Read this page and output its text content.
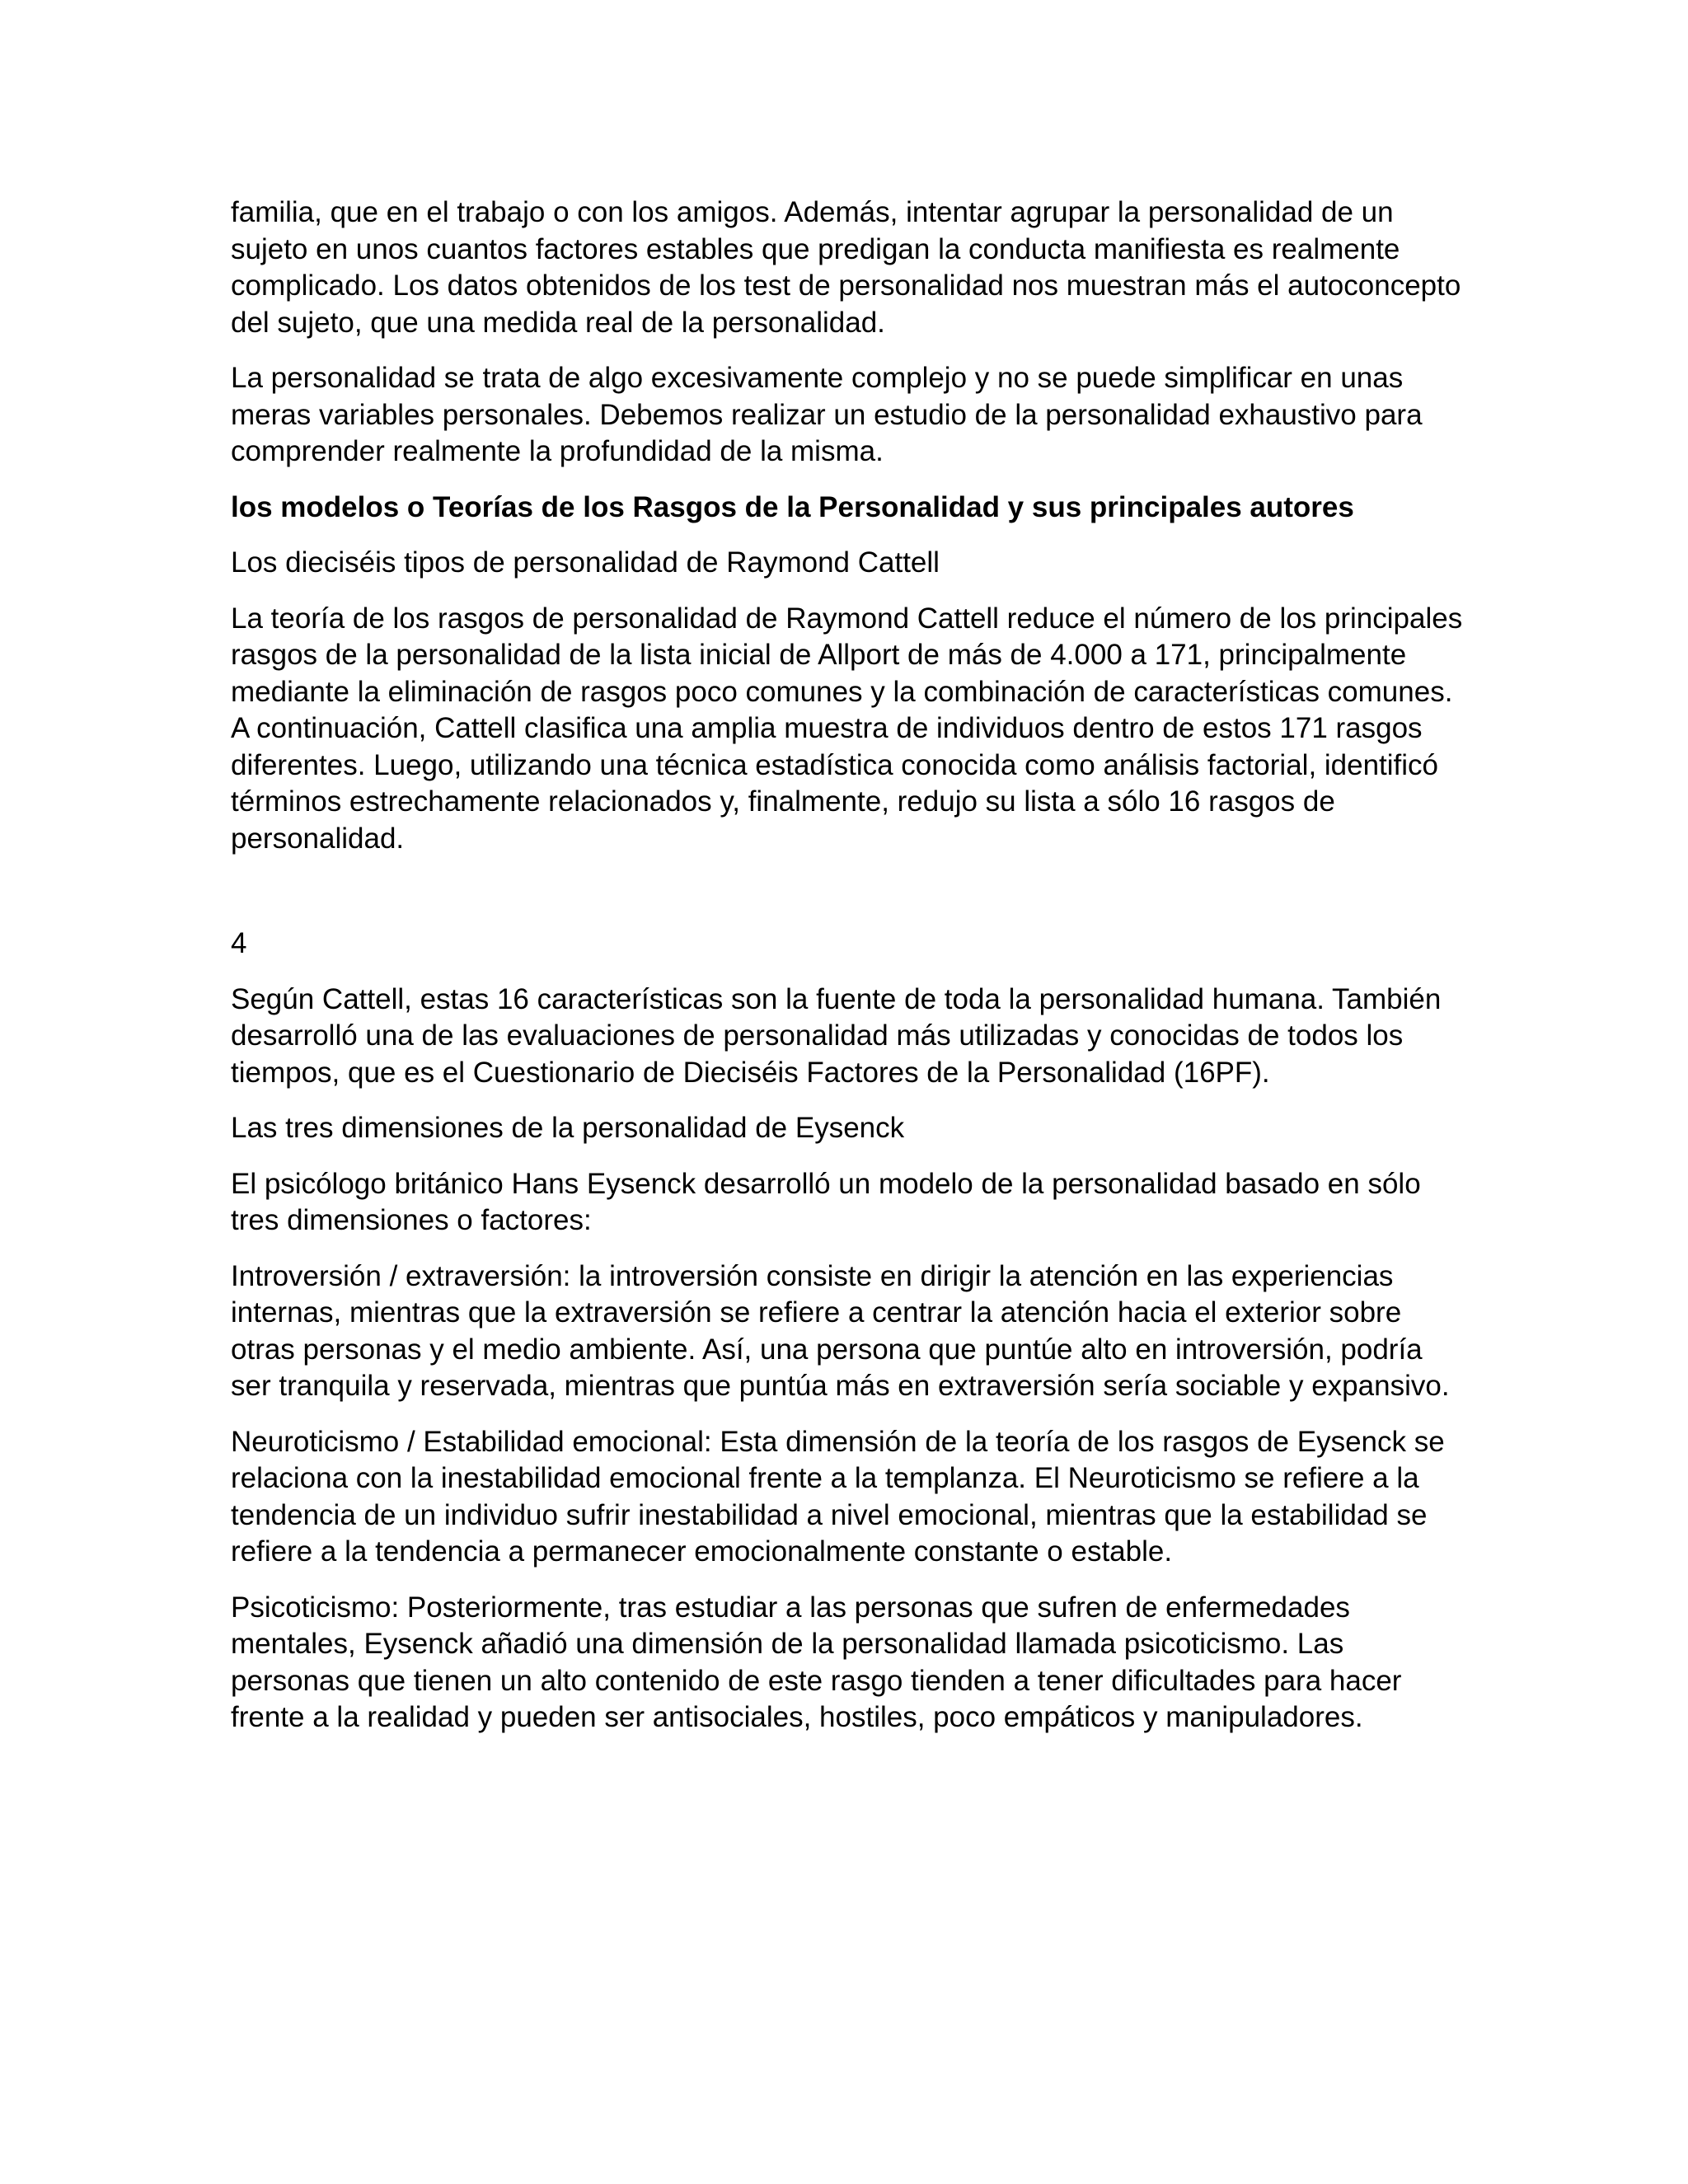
familia, que en el trabajo o con los amigos. Además, intentar agrupar la personalidad de un sujeto en unos cuantos factores estables que predigan la conducta manifiesta es realmente complicado. Los datos obtenidos de los test de personalidad nos muestran más el autoconcepto del sujeto, que una medida real de la personalidad.

La personalidad se trata de algo excesivamente complejo y no se puede simplificar en unas meras variables personales. Debemos realizar un estudio de la personalidad exhaustivo para comprender realmente la profundidad de la misma.

los modelos o Teorías de los Rasgos de la Personalidad y sus principales autores

Los dieciséis tipos de personalidad de Raymond Cattell

La teoría de los rasgos de personalidad de Raymond Cattell reduce el número de los principales rasgos de la personalidad de la lista inicial de Allport de más de 4.000 a 171, principalmente mediante la eliminación de rasgos poco comunes y la combinación de características comunes. A continuación, Cattell clasifica una amplia muestra de individuos dentro de estos 171 rasgos diferentes. Luego, utilizando una técnica estadística conocida como análisis factorial, identificó términos estrechamente relacionados y, finalmente, redujo su lista a sólo 16 rasgos de personalidad.

4

Según Cattell, estas 16 características son la fuente de toda la personalidad humana. También desarrolló una de las evaluaciones de personalidad más utilizadas y conocidas de todos los tiempos, que es el Cuestionario de Dieciséis Factores de la Personalidad (16PF).

Las tres dimensiones de la personalidad de Eysenck

El psicólogo británico Hans Eysenck desarrolló un modelo de la personalidad basado en sólo tres dimensiones o factores:

Introversión / extraversión: la introversión consiste en dirigir la atención en las experiencias internas, mientras que la extraversión se refiere a centrar la atención hacia el exterior sobre otras personas y el medio ambiente. Así, una persona que puntúe alto en introversión, podría ser tranquila y reservada, mientras que puntúa más en extraversión sería sociable y expansivo.

Neuroticismo / Estabilidad emocional: Esta dimensión de la teoría de los rasgos de Eysenck se relaciona con la inestabilidad emocional frente a la templanza. El Neuroticismo se refiere a la tendencia de un individuo sufrir inestabilidad a nivel emocional, mientras que la estabilidad se refiere a la tendencia a permanecer emocionalmente constante o estable.

Psicoticismo: Posteriormente, tras estudiar a las personas que sufren de enfermedades mentales, Eysenck añadió una dimensión de la personalidad llamada psicoticismo. Las personas que tienen un alto contenido de este rasgo tienden a tener dificultades para hacer frente a la realidad y pueden ser antisociales, hostiles, poco empáticos y manipuladores.
